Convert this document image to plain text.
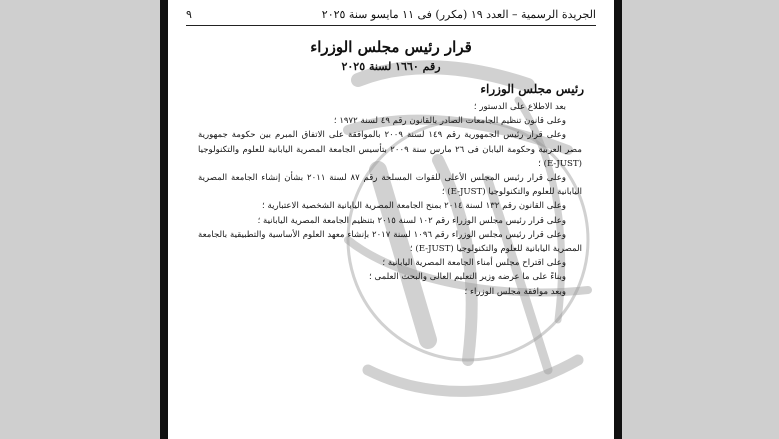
الجريدة الرسمية – العدد ١٩ (مكرر) فى ١١ مايسو سنة ٢٠٢٥
٩
قرار رئيس مجلس الوزراء
رقم ١٦٦٠ لسنة ٢٠٢٥
رئيس مجلس الوزراء

بعد الاطلاع على الدستور ؛

وعلى قانون تنظيم الجامعات الصادر بالقانون رقم ٤٩ لسنة ١٩٧٢ ؛

وعلى قرار رئيس الجمهورية رقم ١٤٩ لسنة ٢٠٠٩ بالموافقة على الاتفاق المبرم بين حكومة جمهورية مصر العربية وحكومة اليابان فى ٢٦ مارس سنة ٢٠٠٩ بتأسيس الجامعة المصرية اليابانية للعلوم والتكنولوجيا (E-JUST) ؛

وعلى قرار رئيس المجلس الأعلى للقوات المسلحة رقم ٨٧ لسنة ٢٠١١ بشأن إنشاء الجامعة المصرية اليابانية للعلوم والتكنولوجيا (E-JUST) ؛

وعلى القانون رقم ١٣٢ لسنة ٢٠١٤ بمنح الجامعة المصرية اليابانية الشخصية الاعتبارية ؛

وعلى قرار رئيس مجلس الوزراء رقم ١٠٢ لسنة ٢٠١٥ بتنظيم الجامعة المصرية اليابانية ؛

وعلى قرار رئيس مجلس الوزراء رقم ١٠٩٦ لسنة ٢٠١٧ بإنشاء معهد العلوم الأساسية والتطبيقية بالجامعة المصرية اليابانية للعلوم والتكنولوجيا (E-JUST) ؛

وعلى اقتراح مجلس أمناء الجامعة المصرية اليابانية ؛

وبناءً على ما عرضه وزير التعليم العالى والبحث العلمى ؛

وبعد موافقة مجلس الوزراء ؛
